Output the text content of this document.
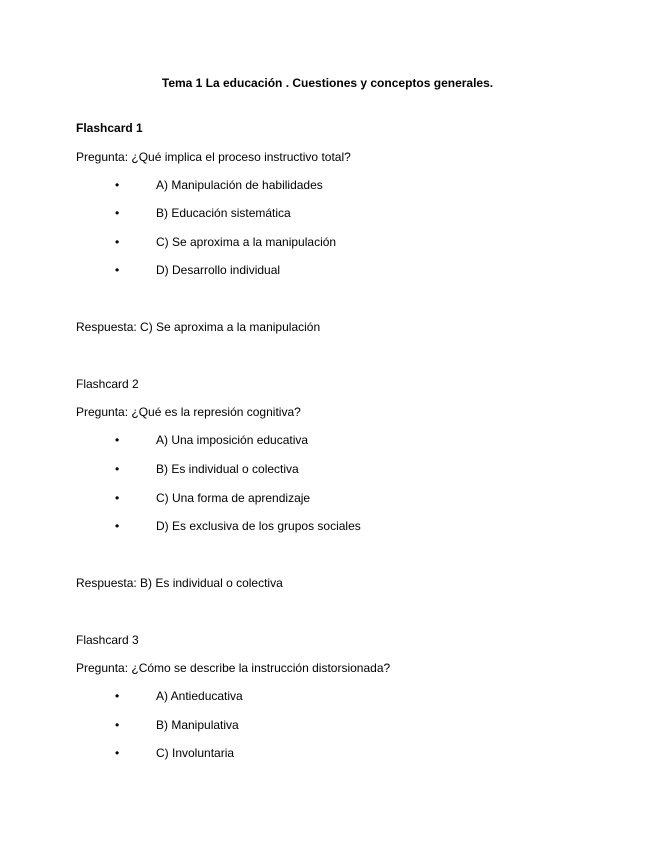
Tema 1 La educación . Cuestiones y conceptos generales.
Flashcard 1
Pregunta: ¿Qué implica el proceso instructivo total?
•	A) Manipulación de habilidades
•	B) Educación sistemática
•	C) Se aproxima a la manipulación
•	D) Desarrollo individual
Respuesta: C) Se aproxima a la manipulación
Flashcard 2
Pregunta: ¿Qué es la represión cognitiva?
•	A) Una imposición educativa
•	B) Es individual o colectiva
•	C) Una forma de aprendizaje
•	D) Es exclusiva de los grupos sociales
Respuesta: B) Es individual o colectiva
Flashcard 3
Pregunta: ¿Cómo se describe la instrucción distorsionada?
•	A) Antieducativa
•	B) Manipulativa
•	C) Involuntaria
